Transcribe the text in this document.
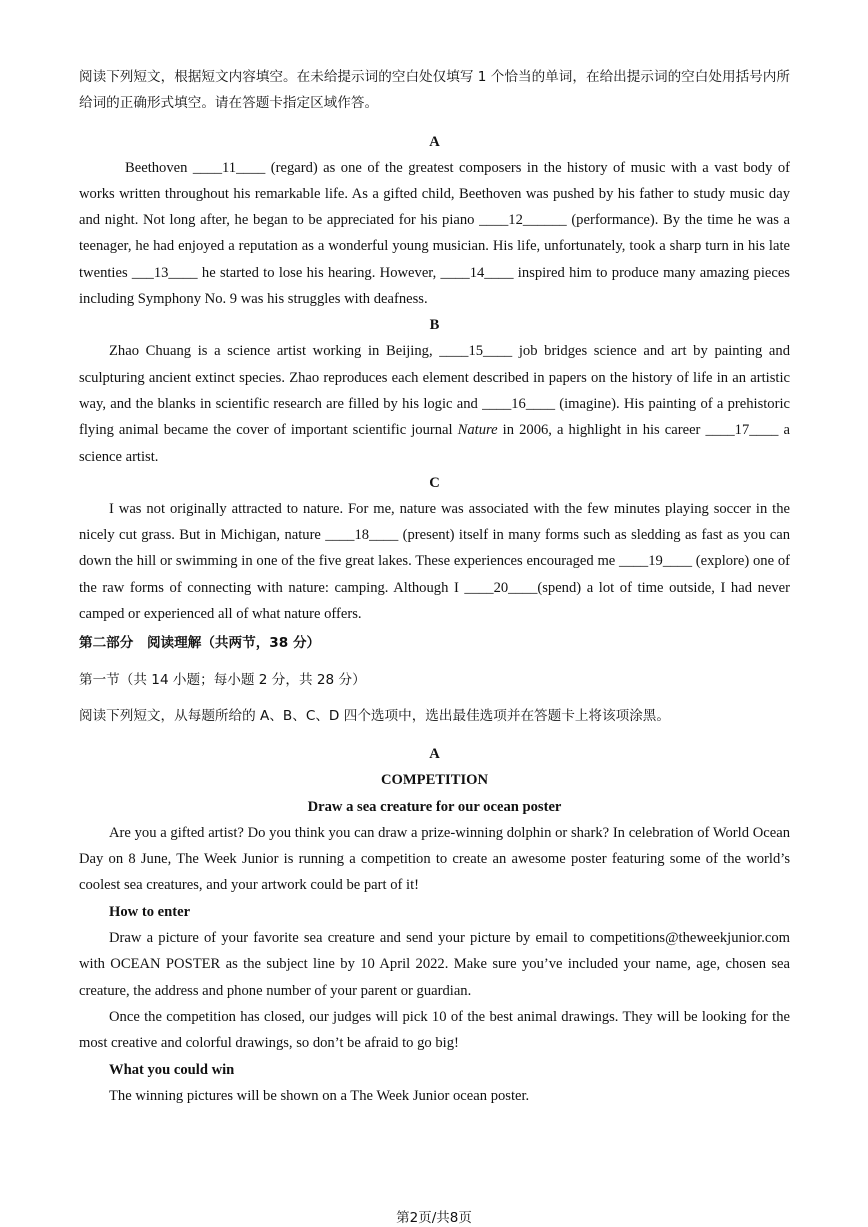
阅读下列短文，根据短文内容填空。在未给提示词的空白处仅填写 1 个恰当的单词，在给出提示词的空白处用括号内所给词的正确形式填空。请在答题卡指定区域作答。

A

Beethoven ____11____ (regard) as one of the greatest composers in the history of music with a vast body of works written throughout his remarkable life. As a gifted child, Beethoven was pushed by his father to study music day and night. Not long after, he began to be appreciated for his piano ____12______ (performance). By the time he was a teenager, he had enjoyed a reputation as a wonderful young musician. His life, unfortunately, took a sharp turn in his late twenties ___13____ he started to lose his hearing. However, ____14____ inspired him to produce many amazing pieces including Symphony No. 9 was his struggles with deafness.

B

Zhao Chuang is a science artist working in Beijing, ____15____ job bridges science and art by painting and sculpturing ancient extinct species. Zhao reproduces each element described in papers on the history of life in an artistic way, and the blanks in scientific research are filled by his logic and ____16____ (imagine). His painting of a prehistoric flying animal became the cover of important scientific journal Nature in 2006, a highlight in his career ____17____ a science artist.

C

I was not originally attracted to nature. For me, nature was associated with the few minutes playing soccer in the nicely cut grass. But in Michigan, nature ____18____ (present) itself in many forms such as sledding as fast as you can down the hill or swimming in one of the five great lakes. These experiences encouraged me ____19____ (explore) one of the raw forms of connecting with nature: camping. Although I ____20____(spend) a lot of time outside, I had never camped or experienced all of what nature offers.

第二部分　阅读理解（共两节，38 分）

第一节（共 14 小题；每小题 2 分，共 28 分）

阅读下列短文，从每题所给的 A、B、C、D 四个选项中，选出最佳选项并在答题卡上将该项涂黑。

A

COMPETITION

Draw a sea creature for our ocean poster

Are you a gifted artist? Do you think you can draw a prize-winning dolphin or shark? In celebration of World Ocean Day on 8 June, The Week Junior is running a competition to create an awesome poster featuring some of the world’s coolest sea creatures, and your artwork could be part of it!

How to enter

Draw a picture of your favorite sea creature and send your picture by email to competitions@theweekjunior.com with OCEAN POSTER as the subject line by 10 April 2022. Make sure you’ve included your name, age, chosen sea creature, the address and phone number of your parent or guardian.

Once the competition has closed, our judges will pick 10 of the best animal drawings. They will be looking for the most creative and colorful drawings, so don’t be afraid to go big!

What you could win

The winning pictures will be shown on a The Week Junior ocean poster.

第2页/共8页
